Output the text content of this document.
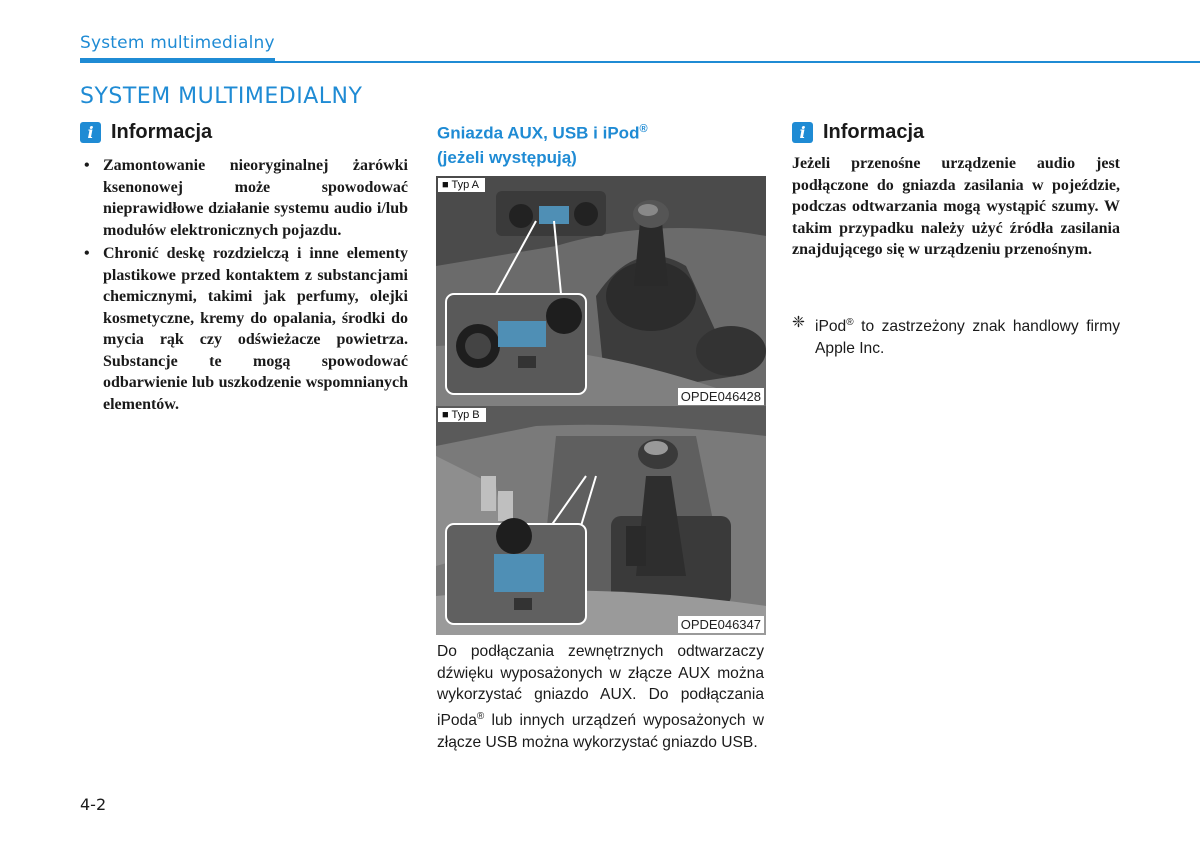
System multimedialny
SYSTEM MULTIMEDIALNY
i Informacja
• Zamontowanie nieoryginalnej żarówki ksenonowej może spowodować nieprawidłowe działanie systemu audio i/lub modułów elektronicznych pojazdu.
• Chronić deskę rozdzielczą i inne elementy plastikowe przed kontaktem z substancjami chemicznymi, takimi jak perfumy, olejki kosmetyczne, kremy do opalania, środki do mycia rąk czy odświeżacze powietrza. Substancje te mogą spowodować odbarwienie lub uszkodzenie wspomnianych elementów.
Gniazda AUX, USB i iPod®
(jeżeli występują)
■ Typ A
OPDE046428
■ Typ B
OPDE046347

Do podłączania zewnętrznych odtwarzaczy dźwięku wyposażonych w złącze AUX można wykorzystać gniazdo AUX. Do podłączania iPoda® lub innych urządzeń wyposażonych w złącze USB można wykorzystać gniazdo USB.

i Informacja

Jeżeli przenośne urządzenie audio jest podłączone do gniazda zasilania w pojeździe, podczas odtwarzania mogą wystąpić szumy. W takim przypadku należy użyć źródła zasilania znajdującego się w urządzeniu przenośnym.

❈ iPod® to zastrzeżony znak handlowy firmy Apple Inc.

4-2
